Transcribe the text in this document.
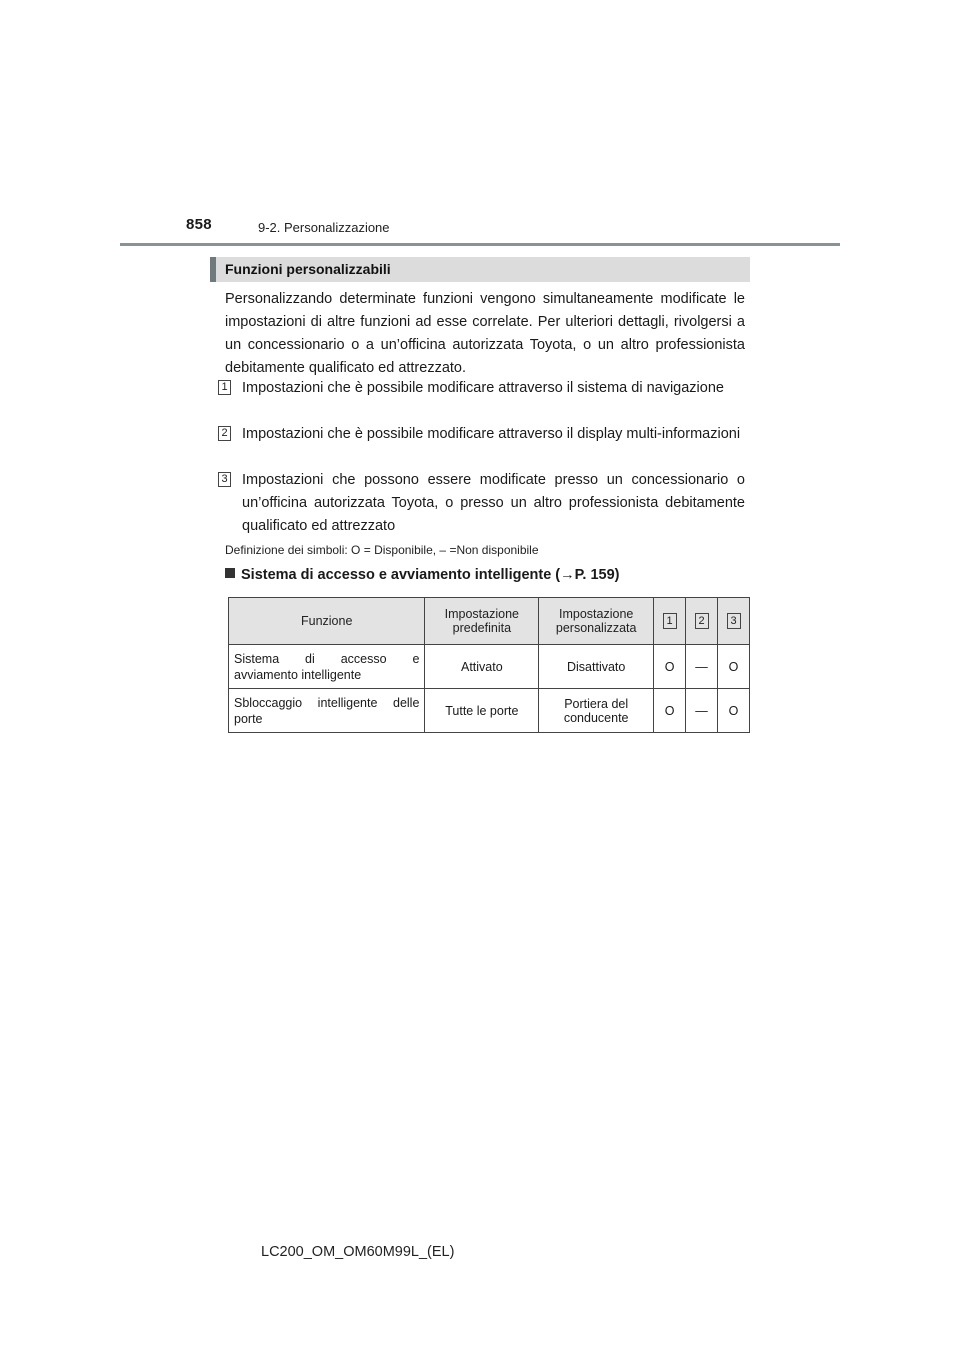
858	9-2. Personalizzazione
Funzioni personalizzabili
Personalizzando determinate funzioni vengono simultaneamente modificate le impostazioni di altre funzioni ad esse correlate. Per ulteriori dettagli, rivolgersi a un concessionario o a un’officina autorizzata Toyota, o un altro professionista debitamente qualificato ed attrezzato.
1 Impostazioni che è possibile modificare attraverso il sistema di navigazione
2 Impostazioni che è possibile modificare attraverso il display multi-informazioni
3 Impostazioni che possono essere modificate presso un concessionario o un’officina autorizzata Toyota, o presso un altro professionista debitamente qualificato ed attrezzato
Definizione dei simboli: O = Disponibile, – =Non disponibile
Sistema di accesso e avviamento intelligente (→P. 159)
Funzione	Impostazione predefinita	Impostazione personalizzata	1	2	3
Sistema di accesso e avviamento intelligente	Attivato	Disattivato	O	—	O
Sbloccaggio intelligente delle porte	Tutte le porte	Portiera del conducente	O	—	O
LC200_OM_OM60M99L_(EL)
